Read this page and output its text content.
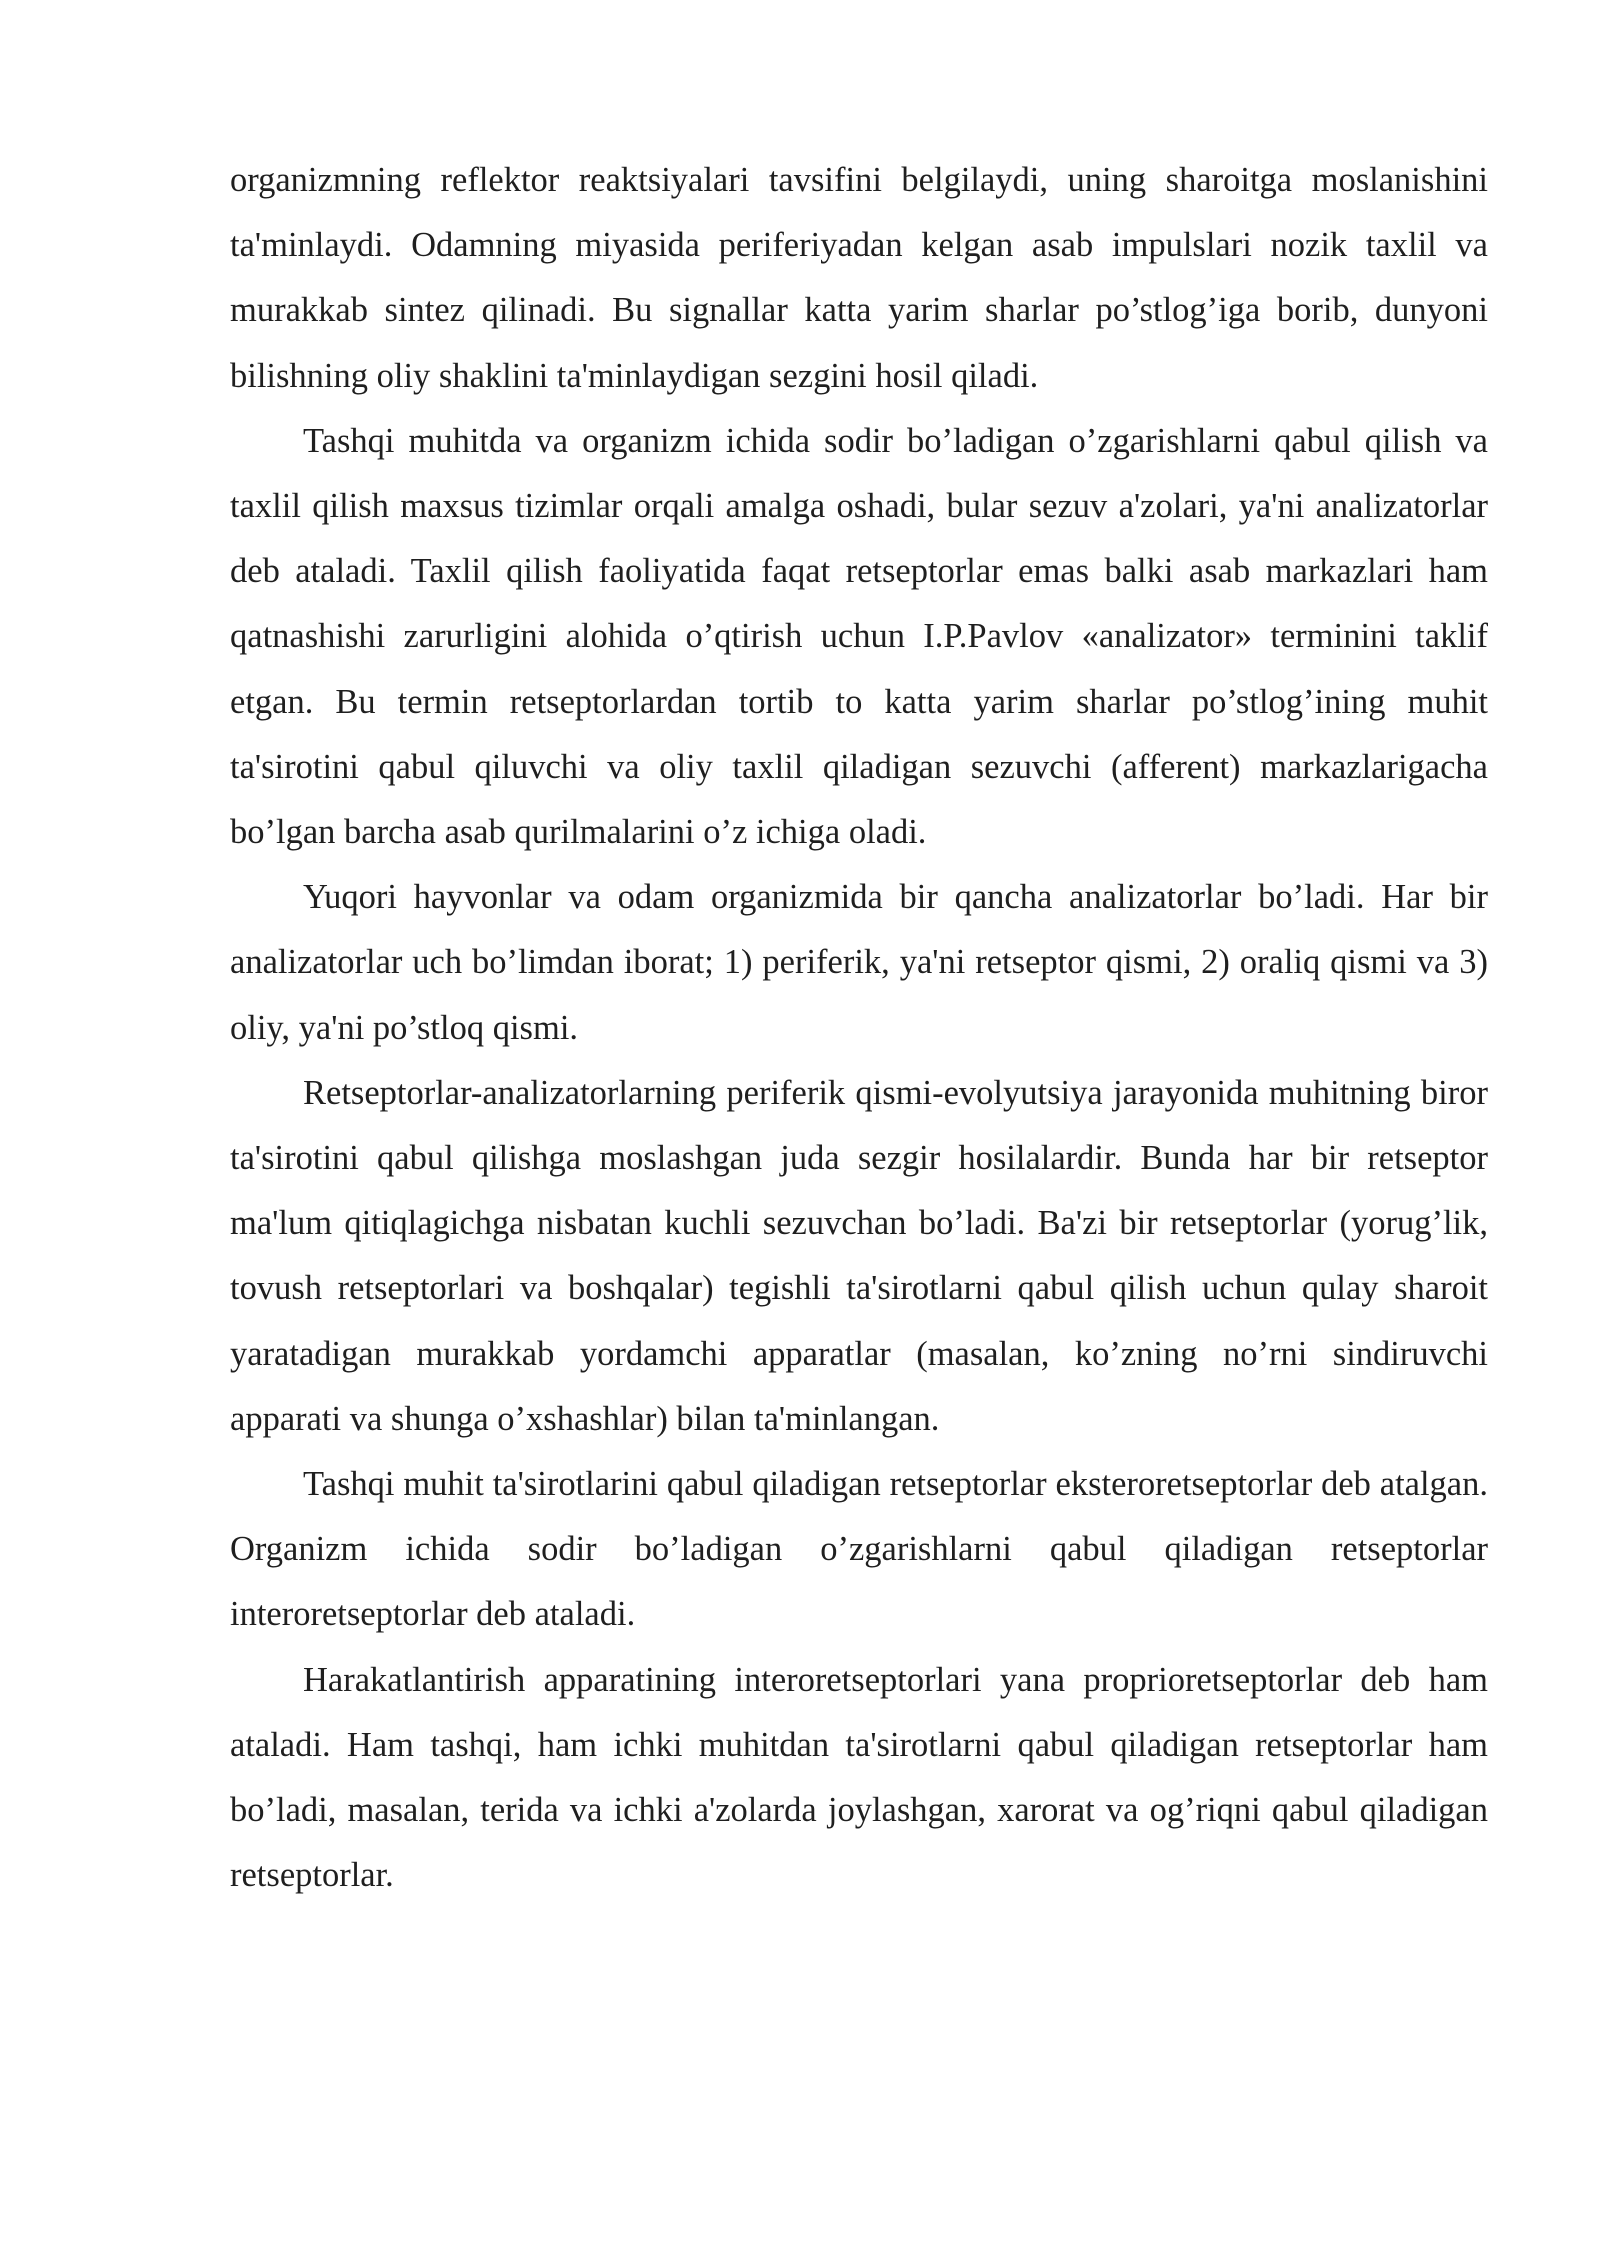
organizmning reflektor reaktsiyalari tavsifini belgilaydi, uning sharoitga moslanishini ta'minlaydi. Odamning miyasida periferiyadan kelgan asab impulslari nozik taxlil va murakkab sintez qilinadi. Bu signallar katta yarim sharlar po’stlog’iga borib, dunyoni bilishning oliy shaklini ta'minlaydigan sezgini hosil qiladi.

Tashqi muhitda va organizm ichida sodir bo’ladigan o’zgarishlarni qabul qilish va taxlil qilish maxsus tizimlar orqali amalga oshadi, bular sezuv a'zolari, ya'ni analizatorlar deb ataladi. Taxlil qilish faoliyatida faqat retseptorlar emas balki asab markazlari ham qatnashishi zarurligini alohida o’qtirish uchun I.P.Pavlov «analizator» terminini taklif etgan. Bu termin retseptorlardan tortib to katta yarim sharlar po’stlog’ining muhit ta'sirotini qabul qiluvchi va oliy taxlil qiladigan sezuvchi (afferent) markazlarigacha bo’lgan barcha asab qurilmalarini o’z ichiga oladi.

Yuqori hayvonlar va odam organizmida bir qancha analizatorlar bo’ladi. Har bir analizatorlar uch bo’limdan iborat; 1) periferik, ya'ni retseptor qismi, 2) oraliq qismi va 3) oliy, ya'ni po’stloq qismi.

Retseptorlar-analizatorlarning periferik qismi-evolyutsiya jarayonida muhitning biror ta'sirotini qabul qilishga moslashgan juda sezgir hosilalardir. Bunda har bir retseptor ma'lum qitiqlagichga nisbatan kuchli sezuvchan bo’ladi. Ba'zi bir retseptorlar (yorug’lik, tovush retseptorlari va boshqalar) tegishli ta'sirotlarni qabul qilish uchun qulay sharoit yaratadigan murakkab yordamchi apparatlar (masalan, ko’zning no’rni sindiruvchi apparati va shunga o’xshashlar) bilan ta'minlangan.

Tashqi muhit ta'sirotlarini qabul qiladigan retseptorlar eksteroretseptorlar deb atalgan. Organizm ichida sodir bo’ladigan o’zgarishlarni qabul qiladigan retseptorlar interoretseptorlar deb ataladi.

Harakatlantirish apparatining interoretseptorlari yana proprioretseptorlar deb ham ataladi. Ham tashqi, ham ichki muhitdan ta'sirotlarni qabul qiladigan retseptorlar ham bo’ladi, masalan, terida va ichki a'zolarda joylashgan, xarorat va og’riqni qabul qiladigan retseptorlar.
